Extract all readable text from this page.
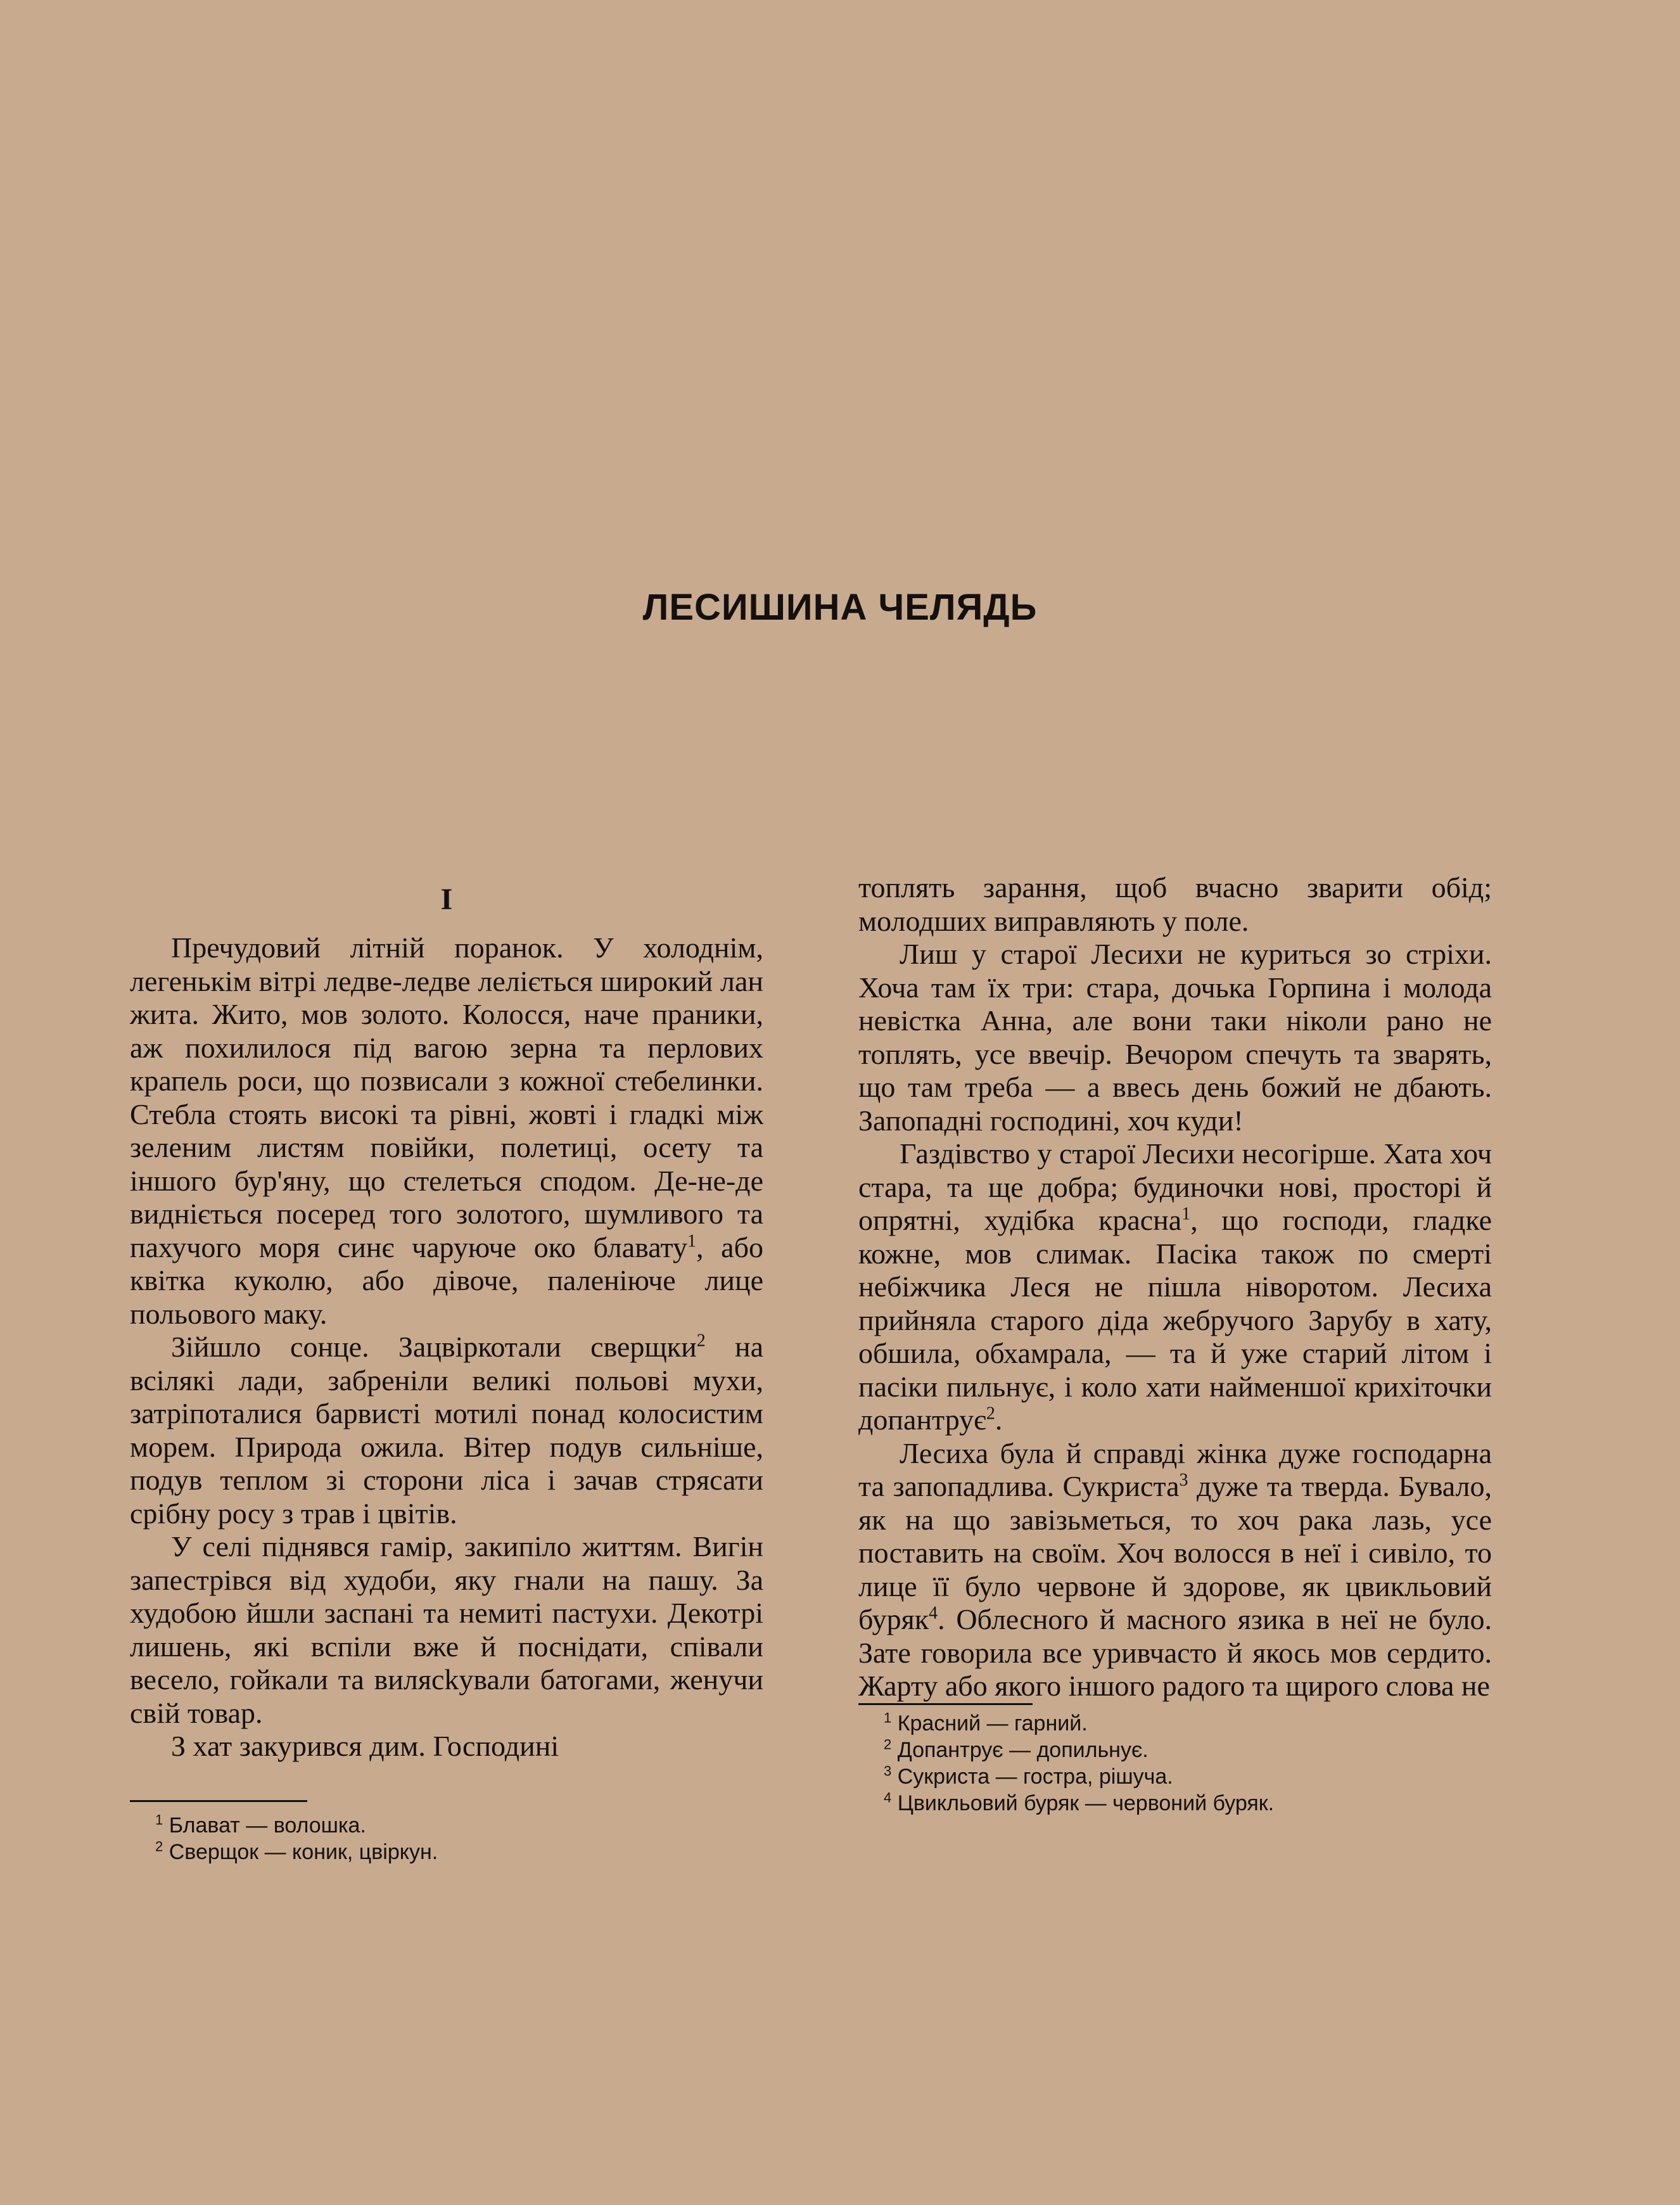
ЛЕСИШИНА ЧЕЛЯДЬ
I

Пречудовий літній поранок. У холоднім, легенькім вітрі ледве-ледве леліється широкий лан жита. Жито, мов золото. Колосся, наче праники, аж похилилося під вагою зерна та перлових крапель роси, що позвисали з кожної стебелинки. Стебла стоять високі та рівні, жовті і гладкі між зеленим листям повійки, полетиці, осету та іншого бур'яну, що стелеться сподом. Де-не-де видніється посеред того золотого, шумливого та пахучого моря синє чаруюче око блавату$^1$, або квітка куколю, або дівоче, паленіюче лице польового маку.

Зійшло сонце. Зацвіркотали сверщки$^2$ на всілякі лади, забреніли великі польові мухи, затріпоталися барвисті мотилі понад колосистим морем. Природа ожила. Вітер подув сильніше, подув теплом зі сторони ліса і зачав стрясати срібну росу з трав і цвітів.

У селі піднявся гамір, закипіло життям. Вигін запестрівся від худоби, яку гнали на пашу. За худобою йшли заспані та немиті пастухи. Декотрі лишень, які вспіли вже й поснідати, співали весело, гойкали та вилясkували батогами, женучи свій товар.

З хат закурився дим. Господині

$^1$ Блават — волошка.

$^2$ Сверщок — коник, цвіркун.

топлять зарання, щоб вчасно зварити обід; молодших виправляють у поле.

Лиш у старої Лесихи не куриться зо стріхи. Хоча там їх три: стара, дочька Горпина і молода невістка Анна, але вони таки ніколи рано не топлять, усе ввечір. Вечором спечуть та зварять, що там треба — а ввесь день божий не дбають. Запопадні господині, хоч куди!

Газдівство у старої Лесихи несогірше. Хата хоч стара, та ще добра; будиночки нові, просторі й опрятні, худібка красна$^1$, що господи, гладке кожне, мов слимак. Пасіка також по смерті небіжчика Леся не пішла ніворотом. Лесиха прийняла старого діда жебручого Зарубу в хату, обшила, обхамрала, — та й уже старий літом і пасіки пильнує, і коло хати найменшої крихіточки допантрує$^2$.

Лесиха була й справді жінка дуже господарна та запопадлива. Сукриста$^3$ дуже та тверда. Бувало, як на що завізьметься, то хоч рака лазь, усе поставить на своїм. Хоч волосся в неї і сивіло, то лице її було червоне й здорове, як цвикльовий буряк$^4$. Облесного й масного язика в неї не було. Зате говорила все уривчасто й якось мов сердито. Жарту або якого іншого радого та щирого слова не

$^1$ Красний — гарний.

$^2$ Допантрує — допильнує.

$^3$ Сукриста — гостра, рішуча.

$^4$ Цвикльовий буряк — червоний буряк.
